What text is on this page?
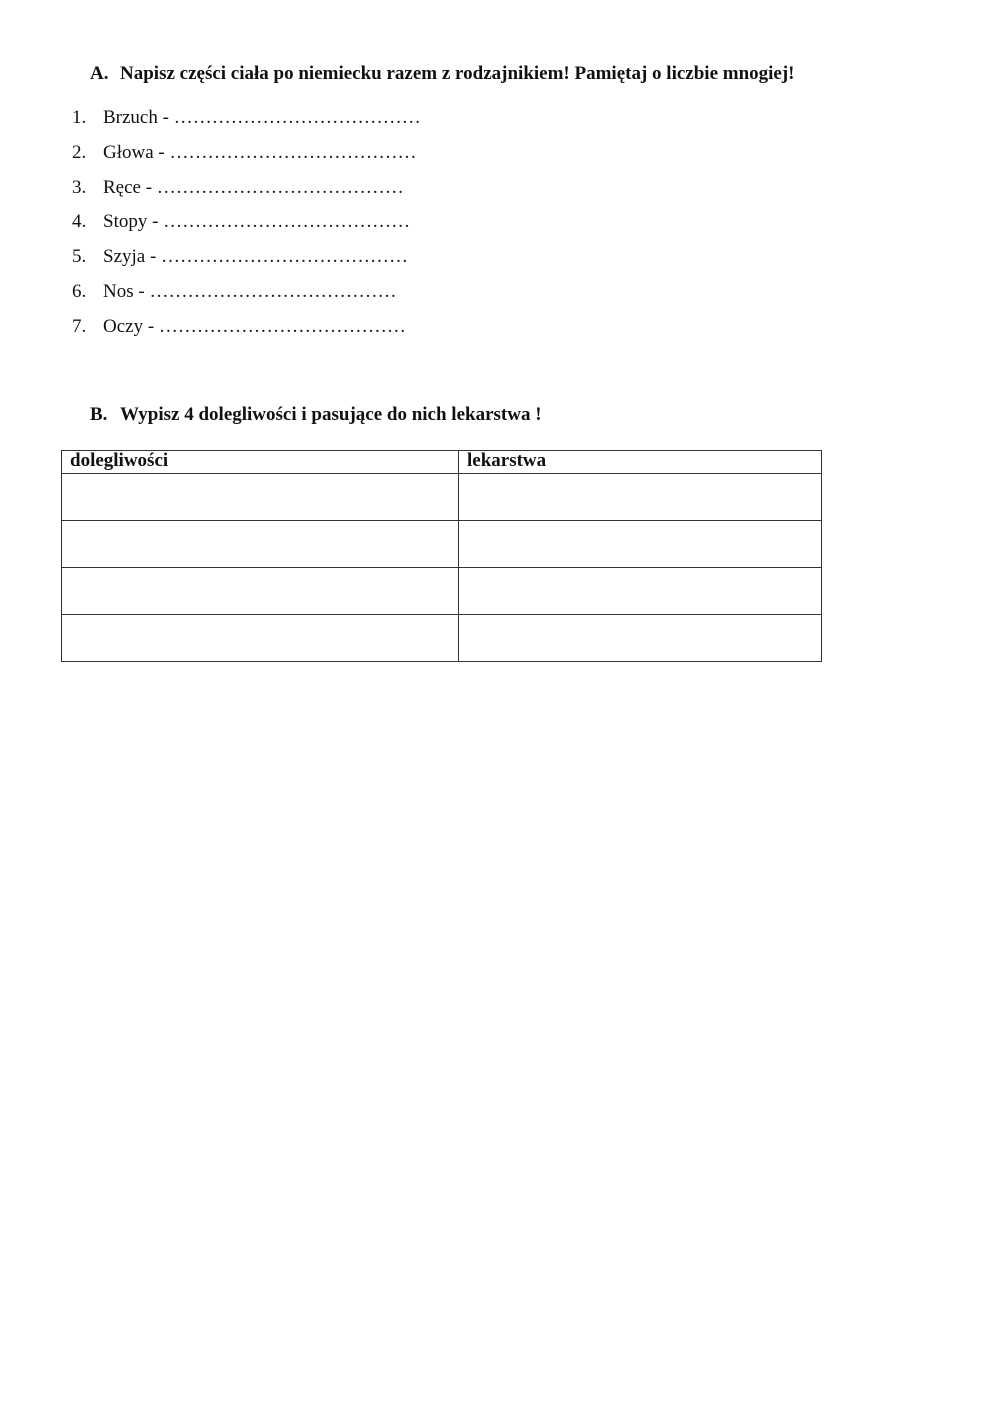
A. Napisz części ciała po niemiecku razem z rodzajnikiem! Pamiętaj o liczbie mnogiej!
1. Brzuch - …………………………………
2. Głowa - …………………………………
3. Ręce - …………………………………
4. Stopy - …………………………………
5. Szyja - …………………………………
6. Nos - …………………………………
7. Oczy - …………………………………
B. Wypisz 4 dolegliwości i pasujące do nich lekarstwa !
dolegliwości	lekarstwa
